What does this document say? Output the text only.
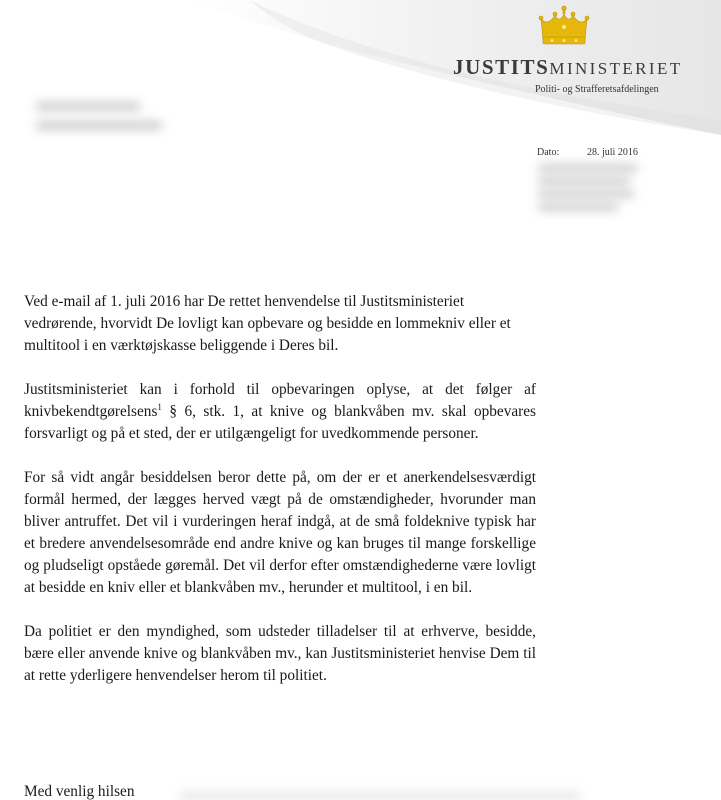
JUSTITSMINISTERIET
Politi- og Strafferetsafdelingen
Dato:	28. juli 2016

Ved e-mail af 1. juli 2016 har De rettet henvendelse til Justitsministeriet vedrørende, hvorvidt De lovligt kan opbevare og besidde en lommekniv eller et multitool i en værktøjskasse beliggende i Deres bil.

Justitsministeriet kan i forhold til opbevaringen oplyse, at det følger af knivbekendtgørelsens$^1$ § 6, stk. 1, at knive og blankvåben mv. skal opbevares forsvarligt og på et sted, der er utilgængeligt for uvedkommende personer.

For så vidt angår besiddelsen beror dette på, om der er et anerkendelsesværdigt formål hermed, der lægges herved vægt på de omstændigheder, hvorunder man bliver antruffet. Det vil i vurderingen heraf indgå, at de små foldeknive typisk har et bredere anvendelsesområde end andre knive og kan bruges til mange forskellige og pludseligt opståede gøremål. Det vil derfor efter omstændighederne være lovligt at besidde en kniv eller et blankvåben mv., herunder et multitool, i en bil.

Da politiet er den myndighed, som udsteder tilladelser til at erhverve, besidde, bære eller anvende knive og blankvåben mv., kan Justitsministeriet henvise Dem til at rette yderligere henvendelser herom til politiet.

Med venlig hilsen
